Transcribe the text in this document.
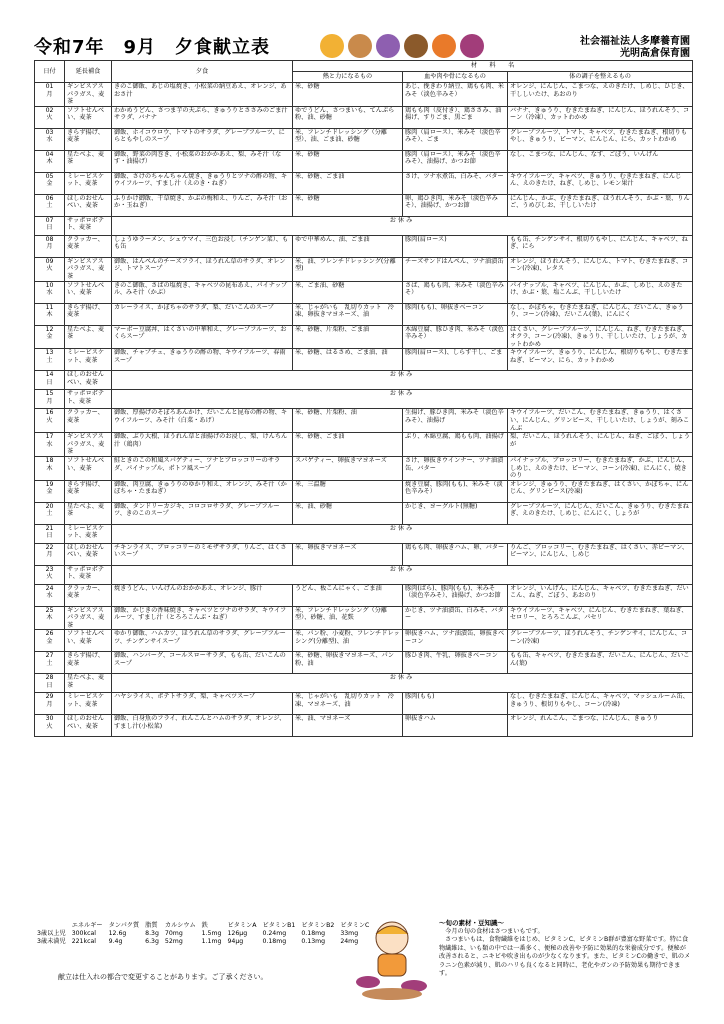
令和7年　9月　夕食献立表	社会福祉法人多摩養育園
光明高倉保育園
日付	延長補食	夕食	材　　料　　名		
			熱と力になるもの	血や肉や骨になるもの	体の調子を整えるもの

01
月	ギンビスアスパラガス、麦茶	きのこ御飯、あじの塩焼き、小松菜の納豆あえ、オレンジ、あおさ汁	米、砂糖	あじ、挽きわり納豆、鶏もも肉、米みそ（淡色辛みそ）	オレンジ、にんじん、こまつな、えのきたけ、しめじ、ひじき、干ししいたけ、あおのり

02
火	ソフトせんべい、麦茶	わかめうどん、さつま芋の天ぷら、きゅうりとささみのごま汁サラダ、バナナ	ゆでうどん、さつまいも、てんぷら粉、油、砂糖	鶏もも肉（皮付き）、鶏ささみ、油揚げ、すりごま、黒ごま	バナナ、きゅうり、むきたまねぎ、にんじん、ほうれんそう、コーン（冷凍）、カットわかめ

03
水	きらず揚げ、麦茶	御飯、ホイコウロウ、トマトのサラダ、グレープフルーツ、にらともやしのスープ	米、フレンチドレッシング（分離型）、油、ごま油、砂糖	豚肉（肩ロース）、米みそ（淡色辛みそ）、ごま	グレープフルーツ、トマト、キャベツ、むきたまねぎ、根切りもやし、きゅうり、ピーマン、にんじん、にら、カットわかめ

04
木	星たべよ、麦茶	御飯、野菜の肉巻き、小松菜のおかかあえ、梨、みそ汁（なす・油揚げ）	米、砂糖	豚肉（肩ロース）、米みそ（淡色辛みそ）、油揚げ、かつお節	なし、こまつな、にんじん、なす、ごぼう、いんげん

05
金	ミレービスケット、麦茶	御飯、さけのちゃんちゃん焼き、きゅうりとツナの酢の物、キウイフルーツ、すまし汁（えのき・ねぎ）	米、砂糖、ごま油	さけ、ツナ水煮缶、白みそ、バター	キウイフルーツ、キャベツ、きゅうり、むきたまねぎ、にんじん、えのきたけ、ねぎ、しめじ、レモン果汁

06
土	ほしのおせんべい、麦茶	ふりかけ御飯、干草焼き、かぶの梅和え、りんご、みそ汁（おか・玉ねぎ）	米、砂糖	卵、鶏ひき肉、米みそ（淡色辛みそ）、油揚げ、かつお節	にんじん、かぶ、むきたまねぎ、ほうれんそう、かぶ・葉、りんご、うめびしお、干ししいたけ

07
日	サッポロポテト、麦茶	お休み			

08
月	クラッカー、麦茶	しょうゆラーメン、シュウマイ、三色お浸し（チンゲン菜）、もも缶	ゆで中華めん、油、ごま油	豚肉(肩ロース)	もも缶、チンゲンサイ、根切りもやし、にんじん、キャベツ、ねぎ、にら

09
火	ギンビスアスパラガス、麦茶	御飯、はんぺんのチーズフライ、ほうれん草のサラダ、オレンジ、トマトスープ	米、油、フレンチドレッシング(分離型)	チーズサンドはんぺん、ツナ油漬缶	オレンジ、ほうれんそう、にんじん、トマト、むきたまねぎ、コーン(冷凍)、レタス

10
水	ソフトせんべい、麦茶	きのこ御飯、さばの塩焼き、キャベツの昆布あえ、パイナップル、みそ汁（かぶ）	米、ごま油、砂糖	さば、鶏もも肉、米みそ（淡色辛みそ）	パイナップル、キャベツ、にんじん、かぶ、しめじ、えのきたけ、かぶ・葉、塩こんぶ、干ししいたけ

11
木	きらず揚げ、麦茶	カレーライス、かぼちゃのサラダ、梨、だいこんのスープ	米、じゃがいも　乱切りカット　冷凍、卵抜きマヨネーズ、油	豚肉(もも)、卵抜きベーコン	なし、かぼちゃ、むきたまねぎ、にんじん、だいこん、きゅうり、コーン(冷凍)、だいこん(葉)、にんにく

12
金	星たべよ、麦茶	マーボー豆腐丼、はくさいの中華和え、グレープフルーツ、おくらスープ	米、砂糖、片栗粉、ごま油	木綿豆腐、豚ひき肉、米みそ（淡色辛みそ）	はくさい、グレープフルーツ、にんじん、ねぎ、むきたまねぎ、オクラ、コーン(冷凍)、きゅうり、干ししいたけ、しょうが、カットわかめ

13
土	ミレービスケット、麦茶	御飯、チャプチェ、きゅうりの酢の物、キウイフルーツ、春雨スープ	米、砂糖、はるさめ、ごま油、油	豚肉(肩ロース)、しらす干し、ごま	キウイフルーツ、きゅうり、にんじん、根切りもやし、むきたまねぎ、ピーマン、にら、カットわかめ

14
日	ほしのおせんべい、麦茶	お休み			

15
月	サッポロポテト、麦茶	お休み			

16
火	クラッカー、麦茶	御飯、厚揚げのそぼろあんかけ、だいこんと昆布の酢の物、キウイフルーツ、みそ汁（白菜・あげ）	米、砂糖、片栗粉、油	生揚げ、豚ひき肉、米みそ（淡色辛みそ）、油揚げ	キウイフルーツ、だいこん、むきたまねぎ、きゅうり、はくさい、にんじん、グリンピース、干ししいたけ、しょうが、刻みこんぶ

17
水	ギンビスアスパラガス、麦茶	御飯、ぶり大根、ほうれん草と油揚げのお浸し、梨、けんちん汁（鶏肉）	米、砂糖、ごま油	ぶり、木綿豆腐、鶏もも肉、油揚げ	梨、だいこん、ほうれんそう、にんじん、ねぎ、ごぼう、しょうが

18
木	ソフトせんべい、麦茶	鮭ときのこの和風スパゲティー、ツナとブロッコリーのサラダ、パイナップル、ポトフ風スープ	スパゲティー、卵抜きマヨネーズ	さけ、卵抜きウインナー、ツナ油漬缶、バター	パイナップル、ブロッコリー、むきたまねぎ、かぶ、にんじん、しめじ、えのきたけ、ピーマン、コーン(冷凍)、にんにく、焼きのり

19
金	きらず揚げ、麦茶	御飯、肉豆腐、きゅうりのゆかり和え、オレンジ、みそ汁（かぼちゃ・たまねぎ）	米、三温糖	焼き豆腐、豚肉(もも)、米みそ（淡色辛みそ）	オレンジ、きゅうり、むきたまねぎ、はくさい、かぼちゃ、にんじん、グリンピース(冷凍)

20
土	星たべよ、麦茶	御飯、タンドリーカジキ、コロコロサラダ、グレープフルーツ、きのこのスープ	米、油、砂糖	かじき、ヨーグルト(無糖)	グレープフルーツ、にんじん、だいこん、きゅうり、むきたまねぎ、えのきたけ、しめじ、にんにく、しょうが

21
日	ミレービスケット、麦茶	お休み			

22
月	ほしのおせんべい、麦茶	チキンライス、ブロッコリーのミモザサラダ、りんご、はくさいスープ	米、卵抜きマヨネーズ	鶏もも肉、卵抜きハム、卵、バター	りんご、ブロッコリー、むきたまねぎ、はくさい、赤ピーマン、ピーマン、にんじん、しめじ

23
火	サッポロポテト、麦茶	お休み			

24
水	クラッカー、麦茶	焼きうどん、いんげんのおかかあえ、オレンジ、豚汁	うどん、板こんにゃく、ごま油	豚肉(ばら)、豚肉(もも)、米みそ（淡色辛みそ）、油揚げ、かつお節	オレンジ、いんげん、にんじん、キャベツ、むきたまねぎ、だいこん、ねぎ、ごぼう、あおのり

25
木	ギンビスアスパラガス、麦茶	御飯、かじきの香味焼き、キャベツとツナのサラダ、キウイフルーツ、すまし汁（とろろこんぶ・ねぎ）	米、フレンチドレッシング（分離型）、砂糖、油、花麩	かじき、ツナ油漬缶、白みそ、バター	キウイフルーツ、キャベツ、にんじん、むきたまねぎ、葉ねぎ、セロリー、とろろこんぶ、パセリ

26
金	ソフトせんべい、麦茶	ゆかり御飯、ハムカツ、ほうれん草のサラダ、グレープフルーツ、チンゲンサイスープ	米、パン粉、小麦粉、フレンチドレッシング(分離型)、油	卵抜きハム、ツナ油漬缶、卵抜きベーコン	グレープフルーツ、ほうれんそう、チンゲンサイ、にんじん、コーン(冷凍)

27
土	きらず揚げ、麦茶	御飯、ハンバーグ、コールスローサラダ、もも缶、だいこんのスープ	米、砂糖、卵抜きマヨネーズ、パン粉、油	豚ひき肉、牛乳、卵抜きベーコン	もも缶、キャベツ、むきたまねぎ、だいこん、にんじん、だいこん(葉)

28
日	星たべよ、麦茶	お休み			

29
月	ミレービスケット、麦茶	ハヤシライス、ポテトサラダ、梨、キャベツスープ	米、じゃがいも　乱切りカット　冷凍、マヨネーズ、油	豚肉(もも)	なし、むきたまねぎ、にんじん、キャベツ、マッシュルーム缶、きゅうり、根切りもやし、コーン(冷凍)

30
火	ほしのおせんべい、麦茶	御飯、白身魚のフライ、れんこんとハムのサラダ、オレンジ、すまし汁(小松菜)	米、油、マヨネーズ	卵抜きハム	オレンジ、れんこん、こまつな、にんじん、きゅうり
	エネルギー	タンパク質	脂質	カルシウム	鉄	ビタミンA	ビタミンB1	ビタミンB2	ビタミンC
3歳以上児	300kcal	12.6g	8.3g	70mg	1.5mg	126μg	0.24mg	0.18mg	33mg
3歳未満児	221kcal	9.4g	6.3g	52mg	1.1mg	94μg	0.18mg	0.13mg	24mg
献立は仕入れの都合で変更することがあります。ご了承ください。
～旬の素材・豆知識～
　今月の旬の食材はさつまいもです。
　さつまいもは、食物繊維をはじめ、ビタミンC、ビタミンB群が豊富な野菜です。特に食物繊維は、いも類の中では一番多く、便秘の改善や予防に効果的な栄養成分です。便秘が改善されると、ニキビや吹き出ものが少なくなります。また、ビタミンCの働きで、肌のメラニン色素が減り、肌のハリも良くなると同時に、老化やガンの予防効果も期待できます。
